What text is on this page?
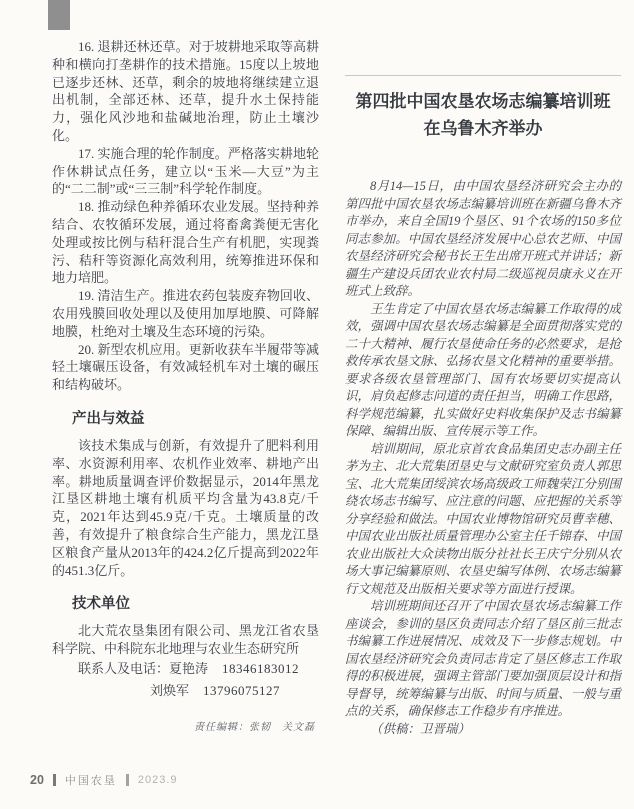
16. 退耕还林还草。对于坡耕地采取等高耕种和横向打垄耕作的技术措施。15度以上坡地已逐步还林、还草，剩余的坡地将继续建立退出机制，全部还林、还草，提升水土保持能力，强化风沙地和盐碱地治理，防止土壤沙化。

17. 实施合理的轮作制度。严格落实耕地轮作休耕试点任务，建立以“玉米—大豆”为主的“二二制”或“三三制”科学轮作制度。

18. 推动绿色种养循环农业发展。坚持种养结合、农牧循环发展，通过将畜禽粪便无害化处理或按比例与秸秆混合生产有机肥，实现粪污、秸秆等资源化高效利用，统筹推进环保和地力培肥。

19. 清洁生产。推进农药包装废弃物回收、农用残膜回收处理以及使用加厚地膜、可降解地膜，杜绝对土壤及生态环境的污染。

20. 新型农机应用。更新收获车半履带等减轻土壤碾压设备，有效减轻机车对土壤的碾压和结构破坏。

产出与效益

该技术集成与创新，有效提升了肥料利用率、水资源利用率、农机作业效率、耕地产出率。耕地质量调查评价数据显示，2014年黑龙江垦区耕地土壤有机质平均含量为43.8克/千克，2021年达到45.9克/千克。土壤质量的改善，有效提升了粮食综合生产能力，黑龙江垦区粮食产量从2013年的424.2亿斤提高到2022年的451.3亿斤。

技术单位

北大荒农垦集团有限公司、黑龙江省农垦科学院、中科院东北地理与农业生态研究所

联系人及电话：夏艳涛 18346183012

刘焕军 13796075127

责任编辑：张韧　关文磊

第四批中国农垦农场志编纂培训班
在乌鲁木齐举办

8月14—15日，由中国农垦经济研究会主办的第四批中国农垦农场志编纂培训班在新疆乌鲁木齐市举办，来自全国19个垦区、91个农场的150多位同志参加。中国农垦经济发展中心总农艺师、中国农垦经济研究会秘书长王生出席开班式并讲话；新疆生产建设兵团农业农村局二级巡视员康永义在开班式上致辞。

王生肯定了中国农垦农场志编纂工作取得的成效，强调中国农垦农场志编纂是全面贯彻落实党的二十大精神、履行农垦使命任务的必然要求，是抢救传承农垦文脉、弘扬农垦文化精神的重要举措。要求各级农垦管理部门、国有农场要切实提高认识，肩负起修志问道的责任担当，明确工作思路，科学规范编纂，扎实做好史料收集保护及志书编纂保障、编辑出版、宣传展示等工作。

培训期间，原北京首农食品集团史志办副主任茅为主、北大荒集团垦史与文献研究室负责人郭思宝、北大荒集团绥滨农场高级政工师魏荣江分别围绕农场志书编写、应注意的问题、应把握的关系等分享经验和做法。中国农业博物馆研究员曹幸穗、中国农业出版社质量管理办公室主任千锦春、中国农业出版社大众读物出版分社社长王庆宁分别从农场大事记编纂原则、农垦史编写体例、农场志编纂行文规范及出版相关要求等方面进行授课。

培训班期间还召开了中国农垦农场志编纂工作座谈会，参训的垦区负责同志介绍了垦区前三批志书编纂工作进展情况、成效及下一步修志规划。中国农垦经济研究会负责同志肯定了垦区修志工作取得的积极进展，强调主管部门要加强顶层设计和指导督导，统筹编纂与出版、时间与质量、一般与重点的关系，确保修志工作稳步有序推进。

（供稿：卫晋瑞）

20 中国农垦 2023.9
